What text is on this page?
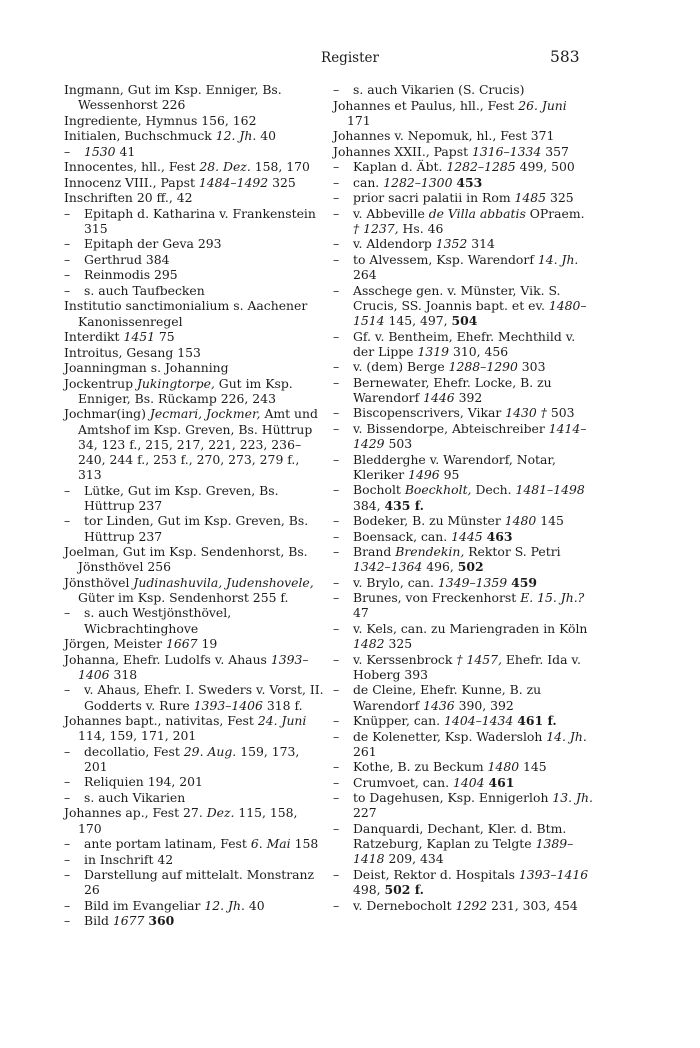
Register	583
Ingmann, Gut im Ksp. Enniger, Bs. Wessenhorst 226
Ingrediente, Hymnus 156, 162
Initialen, Buchschmuck 12. Jh. 40
– 1530 41
Innocentes, hll., Fest 28. Dez. 158, 170
Innocenz VIII., Papst 1484–1492 325
Inschriften 20 ff., 42
– Epitaph d. Katharina v. Frankenstein 315
– Epitaph der Geva 293
– Gerthrud 384
– Reinmodis 295
– s. auch Taufbecken
Institutio sanctimonialium s. Aachener Kanonissenregel
Interdikt 1451 75
Introitus, Gesang 153
Joanningman s. Johanning
Jockentrup Jukingtorpe, Gut im Ksp. Enniger, Bs. Rückamp 226, 243
Jochmar(ing) Jecmari, Jockmer, Amt und Amtshof im Ksp. Greven, Bs. Hüttrup 34, 123 f., 215, 217, 221, 223, 236–240, 244 f., 253 f., 270, 273, 279 f., 313
– Lütke, Gut im Ksp. Greven, Bs. Hüttrup 237
– tor Linden, Gut im Ksp. Greven, Bs. Hüttrup 237
Joelman, Gut im Ksp. Sendenhorst, Bs. Jönsthövel 256
Jönsthövel Judinashuvila, Judenshovele, Güter im Ksp. Sendenhorst 255 f.
– s. auch Westjönsthövel, Wicbrachtinghove
Jörgen, Meister 1667 19
Johanna, Ehefr. Ludolfs v. Ahaus 1393–1406 318
– v. Ahaus, Ehefr. I. Sweders v. Vorst, II. Godderts v. Rure 1393–1406 318 f.
Johannes bapt., nativitas, Fest 24. Juni 114, 159, 171, 201
– decollatio, Fest 29. Aug. 159, 173, 201
– Reliquien 194, 201
– s. auch Vikarien
Johannes ap., Fest 27. Dez. 115, 158, 170
– ante portam latinam, Fest 6. Mai 158
– in Inschrift 42
– Darstellung auf mittelalt. Monstranz 26
– Bild im Evangeliar 12. Jh. 40
– Bild 1677 360
– s. auch Vikarien (S. Crucis)
Johannes et Paulus, hll., Fest 26. Juni 171
Johannes v. Nepomuk, hl., Fest 371
Johannes XXII., Papst 1316–1334 357
– Kaplan d. Äbt. 1282–1285 499, 500
– can. 1282–1300 453
– prior sacri palatii in Rom 1485 325
– v. Abbeville de Villa abbatis OPraem. † 1237, Hs. 46
– v. Aldendorp 1352 314
– to Alvessem, Ksp. Warendorf 14. Jh. 264
– Asschege gen. v. Münster, Vik. S. Crucis, SS. Joannis bapt. et ev. 1480–1514 145, 497, 504
– Gf. v. Bentheim, Ehefr. Mechthild v. der Lippe 1319 310, 456
– v. (dem) Berge 1288–1290 303
– Bernewater, Ehefr. Locke, B. zu Warendorf 1446 392
– Biscopenscrivers, Vikar 1430 † 503
– v. Bissendorpe, Abteischreiber 1414–1429 503
– Bledderghe v. Warendorf, Notar, Kleriker 1496 95
– Bocholt Boeckholt, Dech. 1481–1498 384, 435 f.
– Bodeker, B. zu Münster 1480 145
– Boensack, can. 1445 463
– Brand Brendekin, Rektor S. Petri 1342–1364 496, 502
– v. Brylo, can. 1349–1359 459
– Brunes, von Freckenhorst E. 15. Jh.? 47
– v. Kels, can. zu Mariengraden in Köln 1482 325
– v. Kerssenbrock † 1457, Ehefr. Ida v. Hoberg 393
– de Cleine, Ehefr. Kunne, B. zu Warendorf 1436 390, 392
– Knüpper, can. 1404–1434 461 f.
– de Kolenetter, Ksp. Wadersloh 14. Jh. 261
– Kothe, B. zu Beckum 1480 145
– Crumvoet, can. 1404 461
– to Dagehusen, Ksp. Ennigerloh 13. Jh. 227
– Danquardi, Dechant, Kler. d. Btm. Ratzeburg, Kaplan zu Telgte 1389–1418 209, 434
– Deist, Rektor d. Hospitals 1393–1416 498, 502 f.
– v. Dernebocholt 1292 231, 303, 454
